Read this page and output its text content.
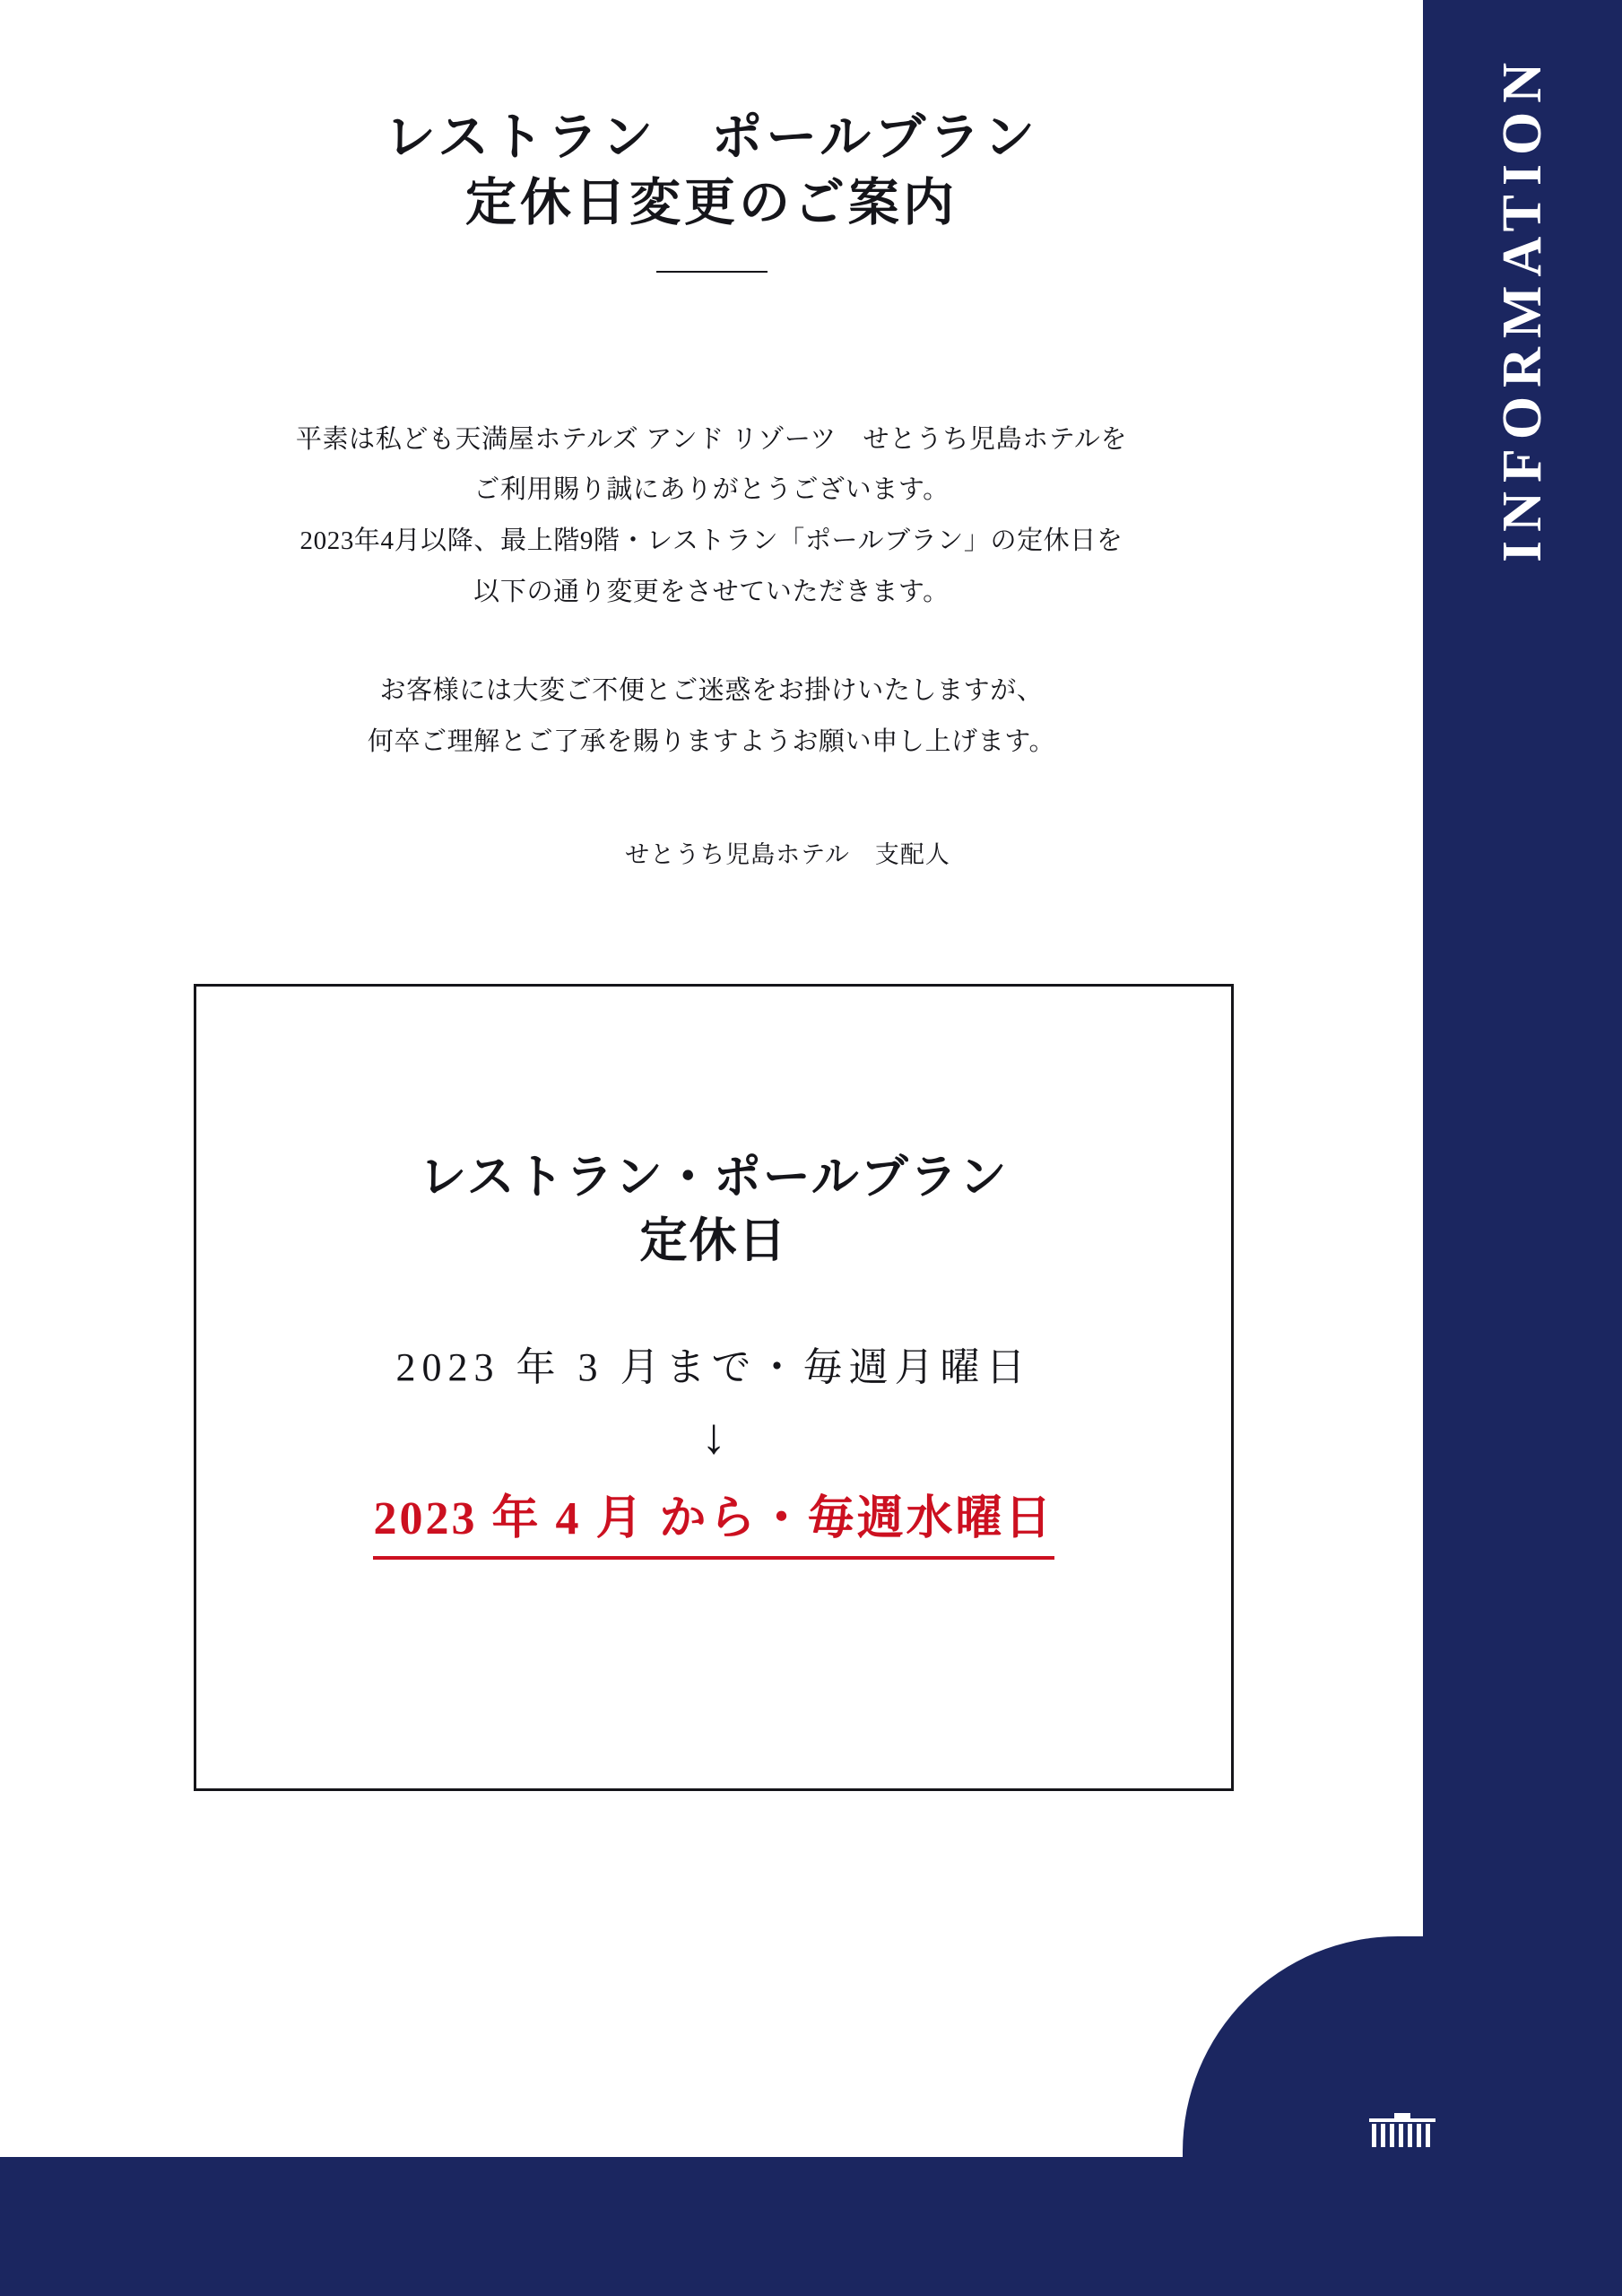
INFORMATION
レストラン　ポールブラン
定休日変更のご案内

平素は私ども天満屋ホテルズ アンド リゾーツ　せとうち児島ホテルを

ご利用賜り誠にありがとうございます。

2023年4月以降、最上階9階・レストラン「ポールブラン」の定休日を

以下の通り変更をさせていただきます。

お客様には大変ご不便とご迷惑をお掛けいたしますが、

何卒ご理解とご了承を賜りますようお願い申し上げます。

せとうち児島ホテル　支配人
レストラン・ポールブラン
定休日
2023 年 3 月まで・毎週月曜日
↓
2023 年 4 月 から・毎週水曜日
